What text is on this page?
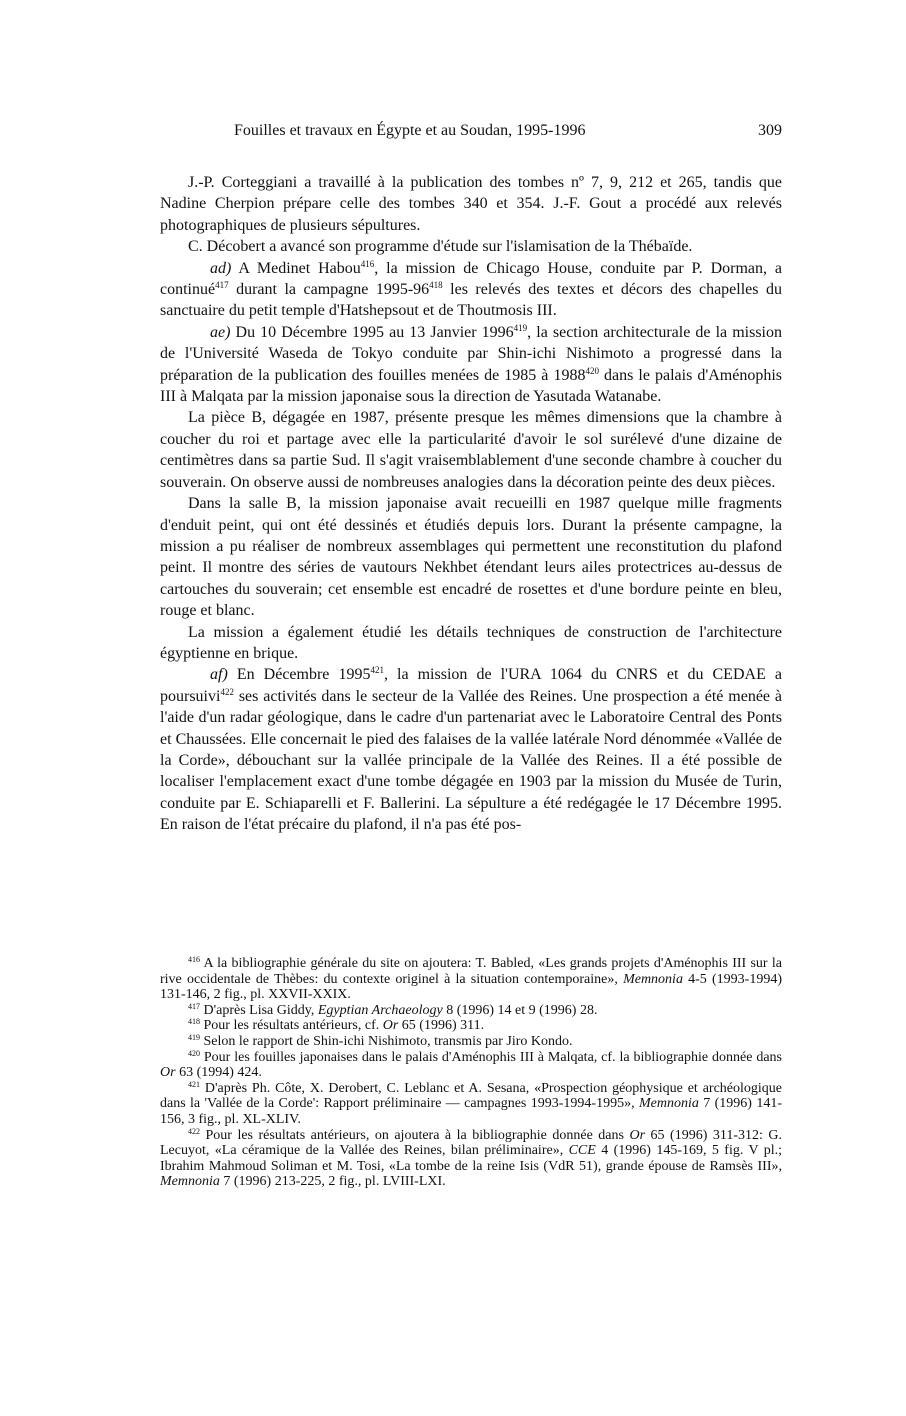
Fouilles et travaux en Égypte et au Soudan, 1995-1996	309

J.-P. Corteggiani a travaillé à la publication des tombes nº 7, 9, 212 et 265, tandis que Nadine Cherpion prépare celle des tombes 340 et 354. J.-F. Gout a procédé aux relevés photographiques de plusieurs sépultures.

C. Décobert a avancé son programme d'étude sur l'islamisation de la Thébaïde.

ad) A Medinet Habou$^{416}$, la mission de Chicago House, conduite par P. Dorman, a continué$^{417}$ durant la campagne $1995-96^{418}$ les relevés des textes et décors des chapelles du sanctuaire du petit temple d'Hatshepsout et de Thoutmosis III.

ae) Du 10 Décembre 1995 au 13 Janvier 1996$^{419}$, la section architecturale de la mission de l'Université Waseda de Tokyo conduite par Shin-ichi Nishimoto a progressé dans la préparation de la publication des fouilles menées de 1985 à 1988$^{420}$ dans le palais d'Aménophis III à Malqata par la mission japonaise sous la direction de Yasutada Watanabe.

La pièce B, dégagée en 1987, présente presque les mêmes dimensions que la chambre à coucher du roi et partage avec elle la particularité d'avoir le sol surélevé d'une dizaine de centimètres dans sa partie Sud. Il s'agit vraisemblablement d'une seconde chambre à coucher du souverain. On observe aussi de nombreuses analogies dans la décoration peinte des deux pièces.

Dans la salle B, la mission japonaise avait recueilli en 1987 quelque mille fragments d'enduit peint, qui ont été dessinés et étudiés depuis lors. Durant la présente campagne, la mission a pu réaliser de nombreux assemblages qui permettent une reconstitution du plafond peint. Il montre des séries de vautours Nekhbet étendant leurs ailes protectrices au-dessus de cartouches du souverain; cet ensemble est encadré de rosettes et d'une bordure peinte en bleu, rouge et blanc.

La mission a également étudié les détails techniques de construction de l'architecture égyptienne en brique.

af) En Décembre 1995$^{421}$, la mission de l'URA 1064 du CNRS et du CEDAE a poursuivi$^{422}$ ses activités dans le secteur de la Vallée des Reines. Une prospection a été menée à l'aide d'un radar géologique, dans le cadre d'un partenariat avec le Laboratoire Central des Ponts et Chaussées. Elle concernait le pied des falaises de la vallée latérale Nord dénommée «Vallée de la Corde», débouchant sur la vallée principale de la Vallée des Reines. Il a été possible de localiser l'emplacement exact d'une tombe dégagée en 1903 par la mission du Musée de Turin, conduite par E. Schiaparelli et F. Ballerini. La sépulture a été redégagée le 17 Décembre 1995. En raison de l'état précaire du plafond, il n'a pas été pos-

$^{416}$ A la bibliographie générale du site on ajoutera: T. Babled, «Les grands projets d'Aménophis III sur la rive occidentale de Thèbes: du contexte originel à la situation contemporaine», Memnonia 4-5 (1993-1994) 131-146, 2 fig., pl. XXVII-XXIX.

$^{417}$ D'après Lisa Giddy, Egyptian Archaeology 8 (1996) 14 et 9 (1996) 28.

$^{418}$ Pour les résultats antérieurs, cf. Or 65 (1996) 311.

$^{419}$ Selon le rapport de Shin-ichi Nishimoto, transmis par Jiro Kondo.

$^{420}$ Pour les fouilles japonaises dans le palais d'Aménophis III à Malqata, cf. la bibliographie donnée dans Or 63 (1994) 424.

$^{421}$ D'après Ph. Côte, X. Derobert, C. Leblanc et A. Sesana, «Prospection géophysique et archéologique dans la 'Vallée de la Corde': Rapport préliminaire — campagnes 1993-1994-1995», Memnonia 7 (1996) 141-156, 3 fig., pl. XL-XLIV.

$^{422}$ Pour les résultats antérieurs, on ajoutera à la bibliographie donnée dans Or 65 (1996) 311-312: G. Lecuyot, «La céramique de la Vallée des Reines, bilan préliminaire», CCE 4 (1996) 145-169, 5 fig. V pl.; Ibrahim Mahmoud Soliman et M. Tosi, «La tombe de la reine Isis (VdR 51), grande épouse de Ramsès III», Memnonia 7 (1996) 213-225, 2 fig., pl. LVIII-LXI.
